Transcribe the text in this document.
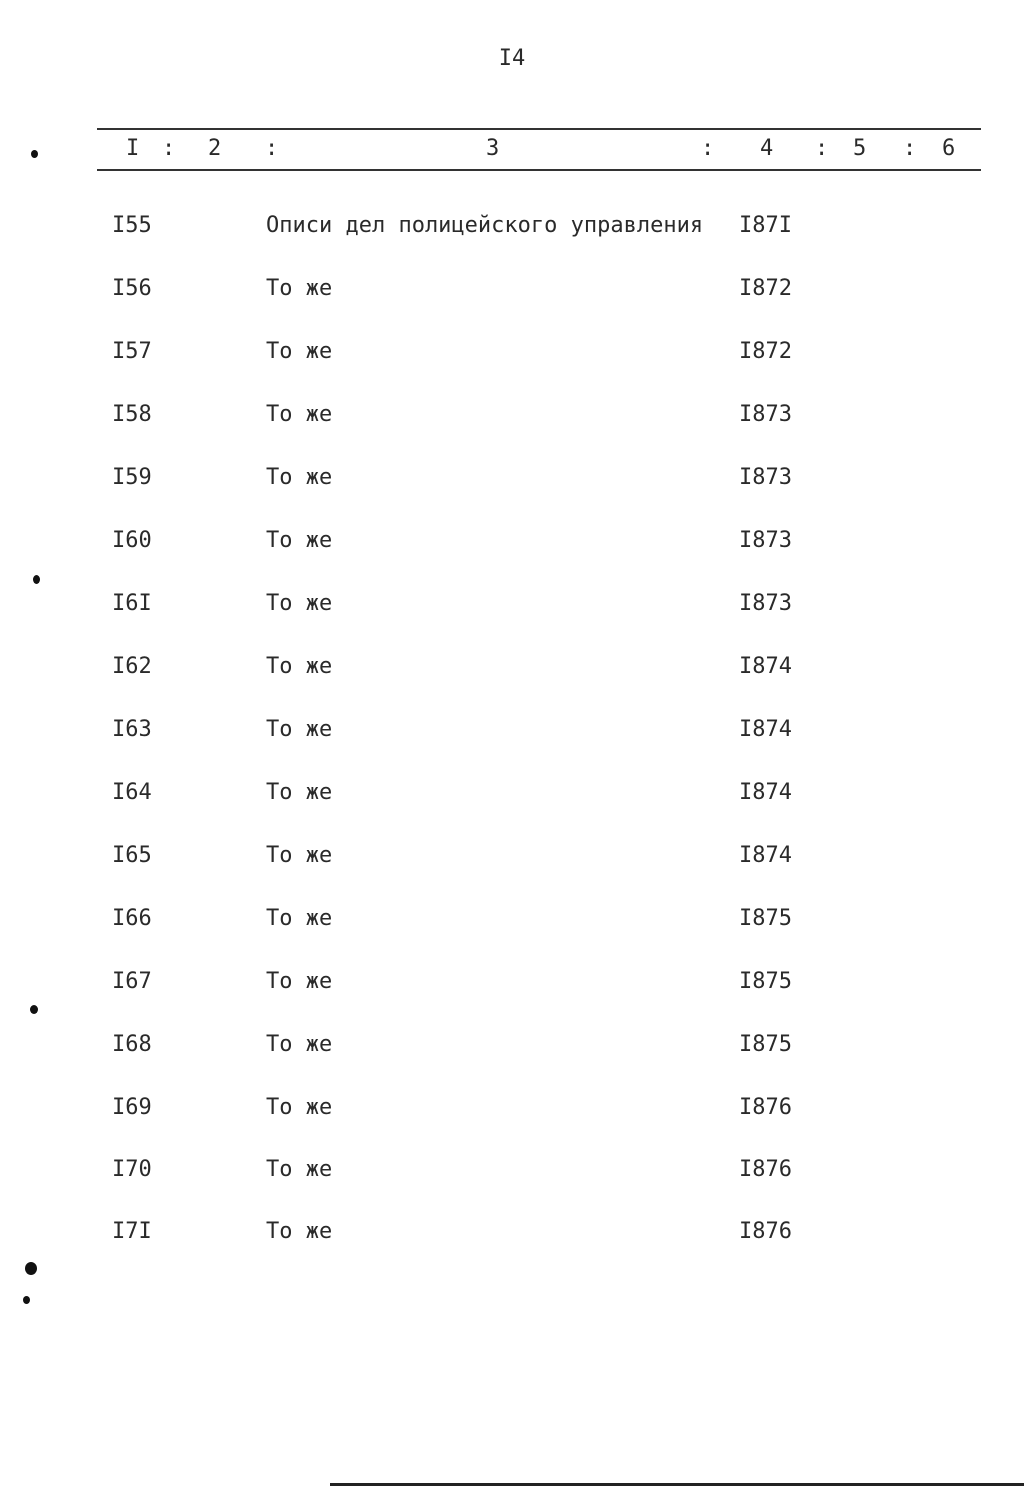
I4
I : 2 :	3	: 4 : 5 : 6
I55	Описи дел полицейского управления I87I
I56	То же	I872
I57	То же	I872
I58	То же	I873
I59	То же	I873
I60	То же	I873
I6I	То же	I873
I62	То же	I874
I63	То же	I874
I64	То же	I874
I65	То же	I874
I66	То же	I875
I67	То же	I875
I68	То же	I875
I69	То же	I876
I70	То же	I876
I7I	То же	I876
